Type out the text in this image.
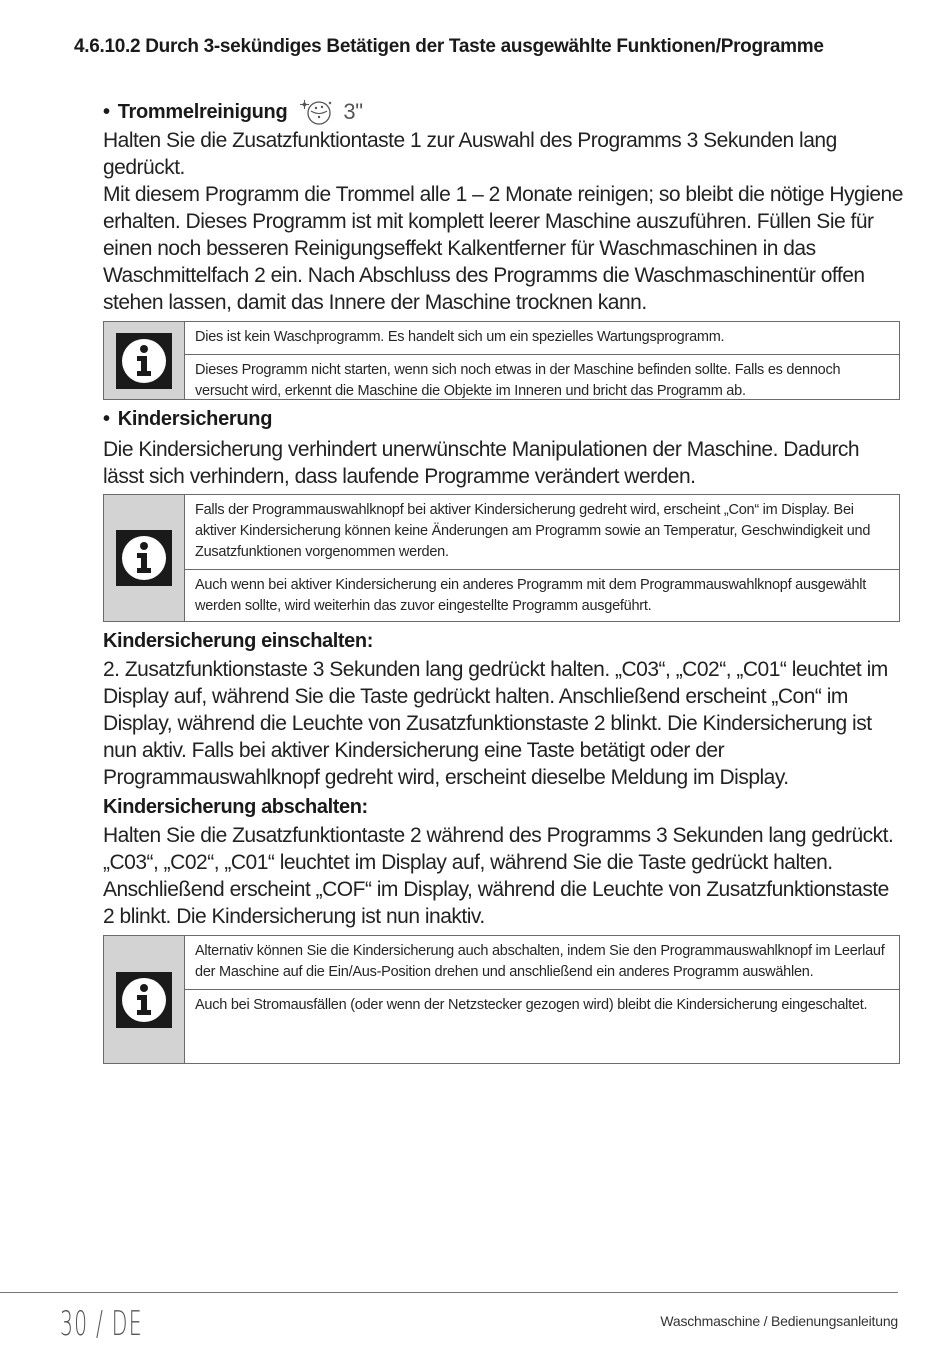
4.6.10.2 Durch 3-sekündiges Betätigen der Taste ausgewählte Funktionen/Programme
• Trommelreinigung	3"

Halten Sie die Zusatzfunktiontaste 1 zur Auswahl des Programms 3 Sekunden lang gedrückt.

Mit diesem Programm die Trommel alle 1 – 2 Monate reinigen; so bleibt die nötige Hygiene erhalten. Dieses Programm ist mit komplett leerer Maschine auszuführen. Füllen Sie für einen noch besseren Reinigungseffekt Kalkentferner für Waschmaschinen in das Waschmittelfach 2 ein. Nach Abschluss des Programms die Waschmaschinentür offen stehen lassen, damit das Innere der Maschine trocknen kann.

Dies ist kein Waschprogramm. Es handelt sich um ein spezielles Wartungsprogramm.
Dieses Programm nicht starten, wenn sich noch etwas in der Maschine befinden sollte. Falls es dennoch versucht wird, erkennt die Maschine die Objekte im Inneren und bricht das Programm ab.
• Kindersicherung

Die Kindersicherung verhindert unerwünschte Manipulationen der Maschine. Dadurch lässt sich verhindern, dass laufende Programme verändert werden.

Falls der Programmauswahlknopf bei aktiver Kindersicherung gedreht wird, erscheint „Con“ im Display. Bei aktiver Kindersicherung können keine Änderungen am Programm sowie an Temperatur, Geschwindigkeit und Zusatzfunktionen vorgenommen werden.
Auch wenn bei aktiver Kindersicherung ein anderes Programm mit dem Programmauswahlknopf ausgewählt werden sollte, wird weiterhin das zuvor eingestellte Programm ausgeführt.
Kindersicherung einschalten:

2. Zusatzfunktionstaste 3 Sekunden lang gedrückt halten. „C03“, „C02“, „C01“ leuchtet im Display auf, während Sie die Taste gedrückt halten. Anschließend erscheint „Con“ im Display, während die Leuchte von Zusatzfunktionstaste 2 blinkt. Die Kindersicherung ist nun aktiv. Falls bei aktiver Kindersicherung eine Taste betätigt oder der Programmauswahlknopf gedreht wird, erscheint dieselbe Meldung im Display.

Kindersicherung abschalten:

Halten Sie die Zusatzfunktiontaste 2 während des Programms 3 Sekunden lang gedrückt. „C03“, „C02“, „C01“ leuchtet im Display auf, während Sie die Taste gedrückt halten. Anschließend erscheint „COF“ im Display, während die Leuchte von Zusatzfunktionstaste 2 blinkt. Die Kindersicherung ist nun inaktiv.

Alternativ können Sie die Kindersicherung auch abschalten, indem Sie den Programmauswahlknopf im Leerlauf der Maschine auf die Ein/Aus-Position drehen und anschließend ein anderes Programm auswählen.
Auch bei Stromausfällen (oder wenn der Netzstecker gezogen wird) bleibt die Kindersicherung eingeschaltet.
30 / DE	Waschmaschine / Bedienungsanleitung
